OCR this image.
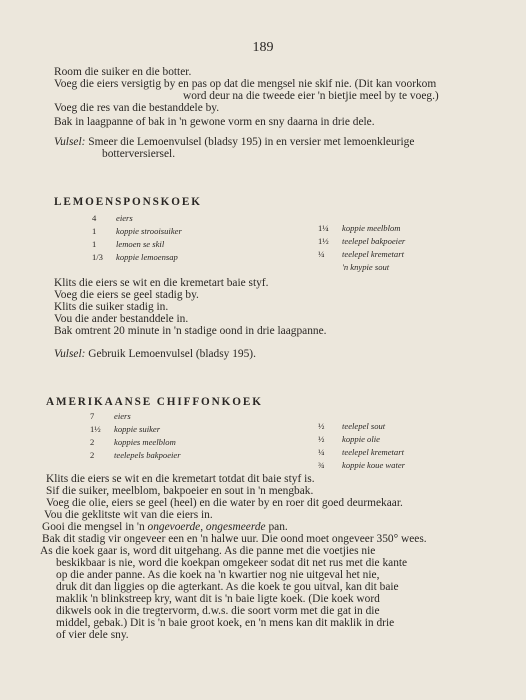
189
Room die suiker en die botter.
Voeg die eiers versigtig by en pas op dat die mengsel nie skif nie. (Dit kan voorkom
word deur na die tweede eier 'n bietjie meel by te voeg.)
Voeg die res van die bestanddele by.
Bak in laagpanne of bak in 'n gewone vorm en sny daarna in drie dele.
Vulsel: Smeer die Lemoenvulsel (bladsy 195) in en versier met lemoenkleurige
botterversiersel.
LEMOENSPONSKOEK
4 eiers
1 koppie strooisuiker
1 lemoen se skil
1/3 koppie lemoensap
1¼ koppie meelblom
1½ teelepel bakpoeier
¼ teelepel kremetart
'n knypie sout
Klits die eiers se wit en die kremetart baie styf.
Voeg die eiers se geel stadig by.
Klits die suiker stadig in.
Vou die ander bestanddele in.
Bak omtrent 20 minute in 'n stadige oond in drie laagpanne.
Vulsel: Gebruik Lemoenvulsel (bladsy 195).
AMERIKAANSE CHIFFONKOEK
7 eiers
1½ koppie suiker
2 koppies meelblom
2 teelepels bakpoeier
½ teelepel sout
½ koppie olie
¼ teelepel kremetart
¾ koppie koue water
Klits die eiers se wit en die kremetart totdat dit baie styf is.
Sif die suiker, meelblom, bakpoeier en sout in 'n mengbak.
Voeg die olie, eiers se geel (heel) en die water by en roer dit goed deurmekaar.
Vou die geklitste wit van die eiers in.
Gooi die mengsel in 'n ongevoerde, ongesmeerde pan.
Bak dit stadig vir ongeveer een en 'n halwe uur. Die oond moet ongeveer 350° wees.
As die koek gaar is, word dit uitgehang. As die panne met die voetjies nie
beskikbaar is nie, word die koekpan omgekeer sodat dit net rus met die kante
op die ander panne. As die koek na 'n kwartier nog nie uitgeval het nie,
druk dit dan liggies op die agterkant. As die koek te gou uitval, kan dit baie
maklik 'n blinkstreep kry, want dit is 'n baie ligte koek. (Die koek word
dikwels ook in die tregtervorm, d.w.s. die soort vorm met die gat in die
middel, gebak.) Dit is 'n baie groot koek, en 'n mens kan dit maklik in drie
of vier dele sny.
